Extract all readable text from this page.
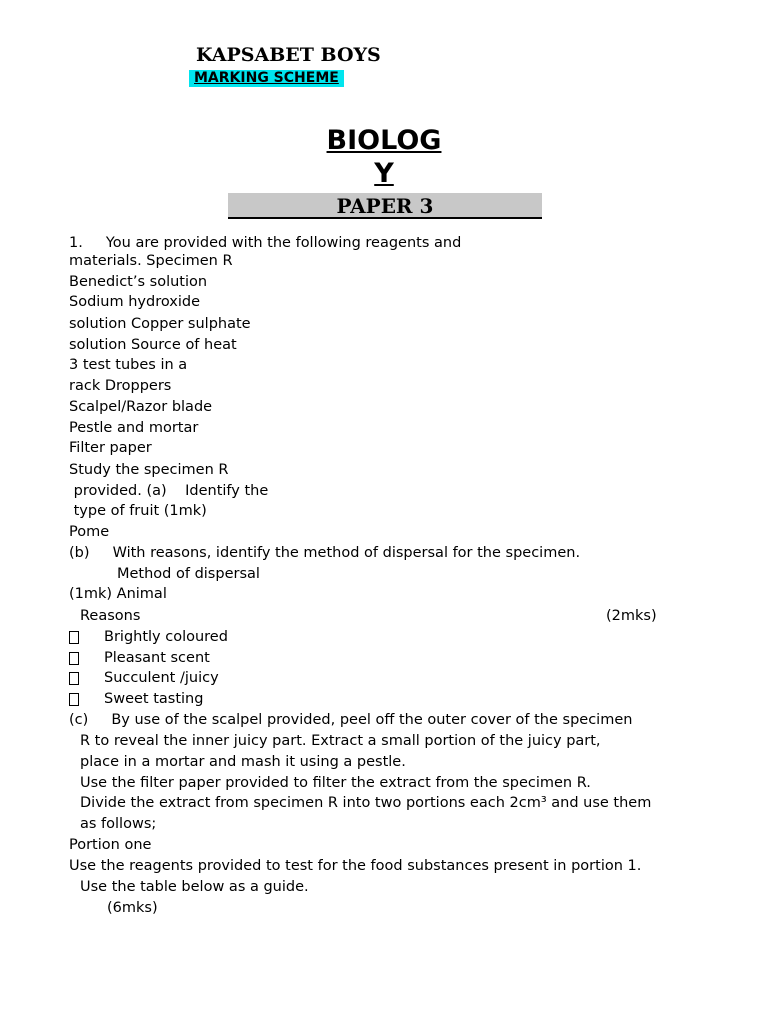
KAPSABET BOYS
MARKING SCHEME
BIOLOG
Y
PAPER 3
1.     You are provided with the following reagents and
materials. Specimen R
Benedict’s solution
Sodium hydroxide
solution Copper sulphate
solution Source of heat
3 test tubes in a
rack Droppers
Scalpel/Razor blade
Pestle and mortar
Filter paper
Study the specimen R
provided. (a)    Identify the
type of fruit (1mk)
Pome
(b)     With reasons, identify the method of dispersal for the specimen.
Method of dispersal
(1mk) Animal
Reasons	(2mks)
Brightly coloured
Pleasant scent
Succulent /juicy
Sweet tasting
(c)     By use of the scalpel provided, peel off the outer cover of the specimen
R to reveal the inner juicy part. Extract a small portion of the juicy part,
place in a mortar and mash it using a pestle.
Use the filter paper provided to filter the extract from the specimen R.
Divide the extract from specimen R into two portions each 2cm³ and use them
as follows;
Portion one
Use the reagents provided to test for the food substances present in portion 1.
Use the table below as a guide.
(6mks)
